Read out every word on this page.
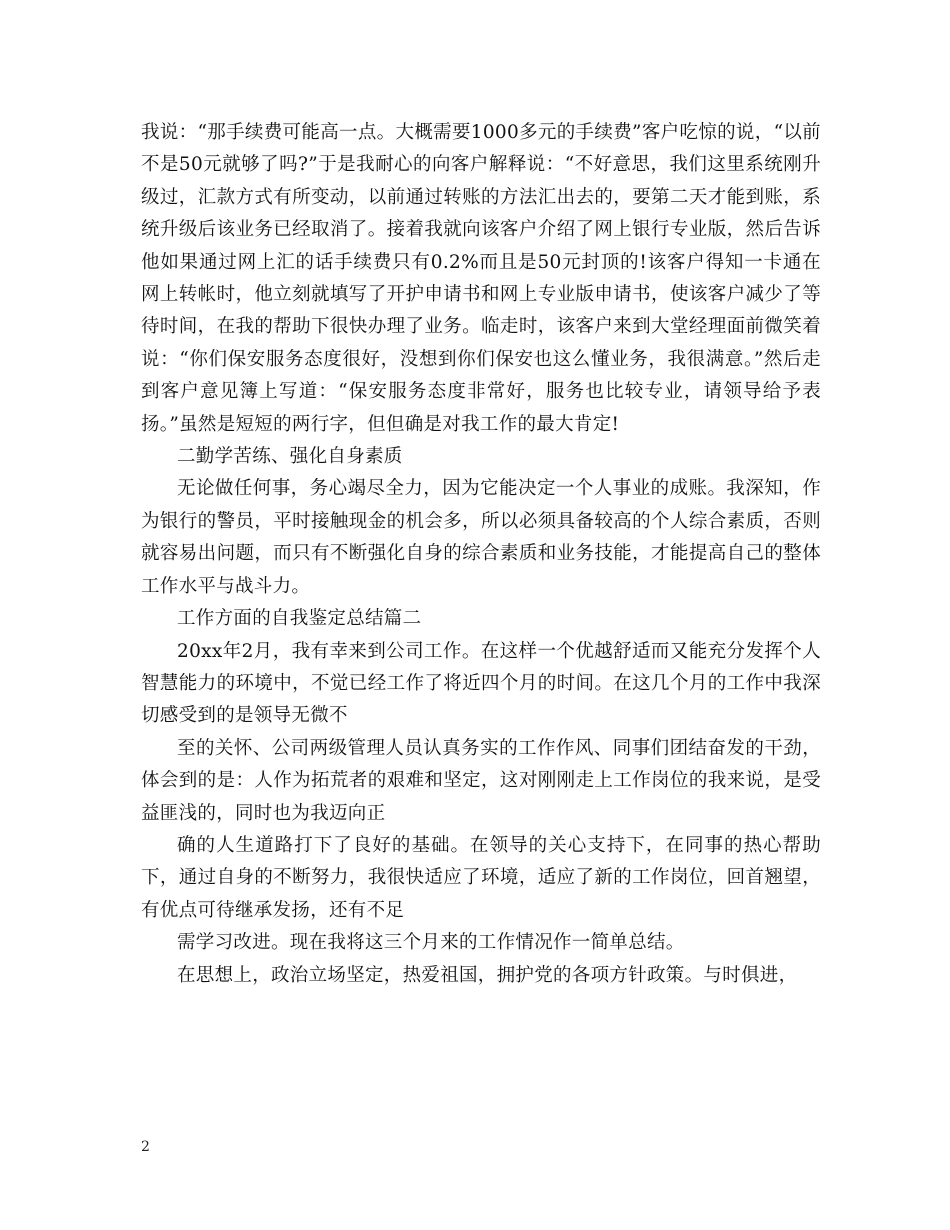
我说：“那手续费可能高一点。大概需要1000多元的手续费”客户吃惊的说，“以前不是50元就够了吗?”于是我耐心的向客户解释说：“不好意思，我们这里系统刚升级过，汇款方式有所变动，以前通过转账的方法汇出去的，要第二天才能到账，系统升级后该业务已经取消了。接着我就向该客户介绍了网上银行专业版，然后告诉他如果通过网上汇的话手续费只有0.2%而且是50元封顶的!该客户得知一卡通在网上转帐时，他立刻就填写了开护申请书和网上专业版申请书，使该客户减少了等待时间，在我的帮助下很快办理了业务。临走时，该客户来到大堂经理面前微笑着说：“你们保安服务态度很好，没想到你们保安也这么懂业务，我很满意。”然后走到客户意见簿上写道：“保安服务态度非常好，服务也比较专业，请领导给予表扬。”虽然是短短的两行字，但但确是对我工作的最大肯定!

二勤学苦练、强化自身素质

无论做任何事，务心竭尽全力，因为它能决定一个人事业的成账。我深知，作为银行的警员，平时接触现金的机会多，所以必须具备较高的个人综合素质，否则就容易出问题，而只有不断强化自身的综合素质和业务技能，才能提高自己的整体工作水平与战斗力。

工作方面的自我鉴定总结篇二

20xx年2月，我有幸来到公司工作。在这样一个优越舒适而又能充分发挥个人智慧能力的环境中，不觉已经工作了将近四个月的时间。在这几个月的工作中我深切感受到的是领导无微不

至的关怀、公司两级管理人员认真务实的工作作风、同事们团结奋发的干劲，体会到的是：人作为拓荒者的艰难和坚定，这对刚刚走上工作岗位的我来说，是受益匪浅的，同时也为我迈向正

确的人生道路打下了良好的基础。在领导的关心支持下，在同事的热心帮助下，通过自身的不断努力，我很快适应了环境，适应了新的工作岗位，回首翘望，有优点可待继承发扬，还有不足

需学习改进。现在我将这三个月来的工作情况作一简单总结。

在思想上，政治立场坚定，热爱祖国，拥护党的各项方针政策。与时俱进，

2
